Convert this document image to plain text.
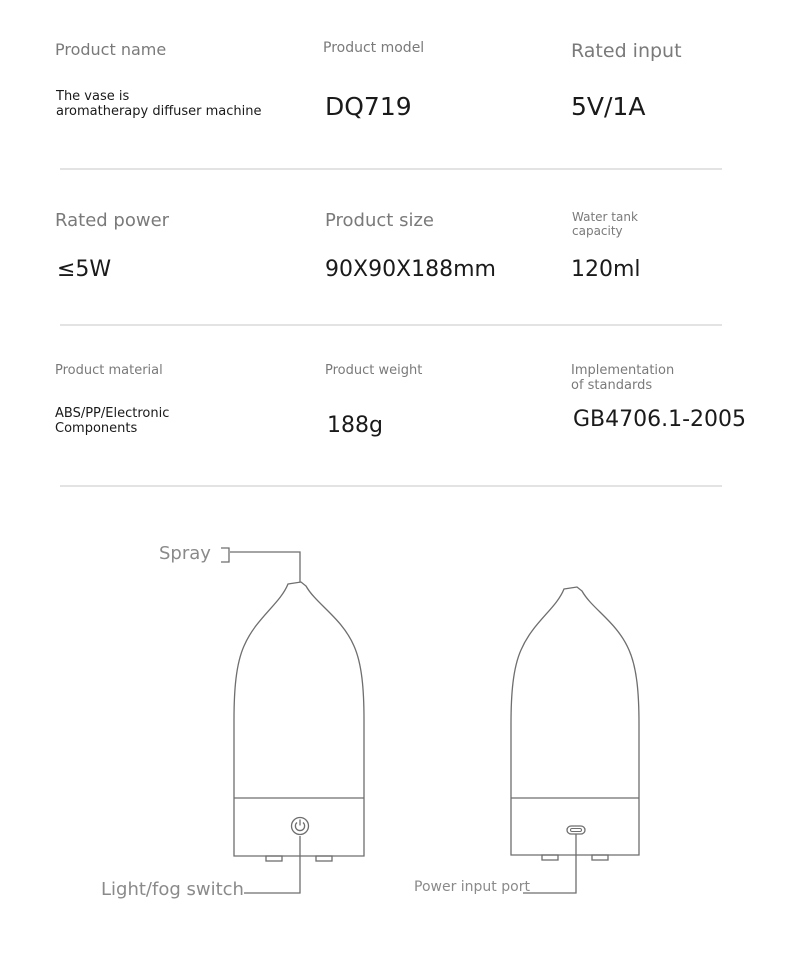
Product name
The vase is
aromatherapy diffuser machine
Product model
DQ719
Rated input
5V/1A
Rated power
≤5W
Product size
90X90X188mm
Water tank
capacity
120ml
Product material
ABS/PP/Electronic
Components
Product weight
188g
Implementation
of standards
GB4706.1-2005
Spray
Light/fog switch	Power input port
